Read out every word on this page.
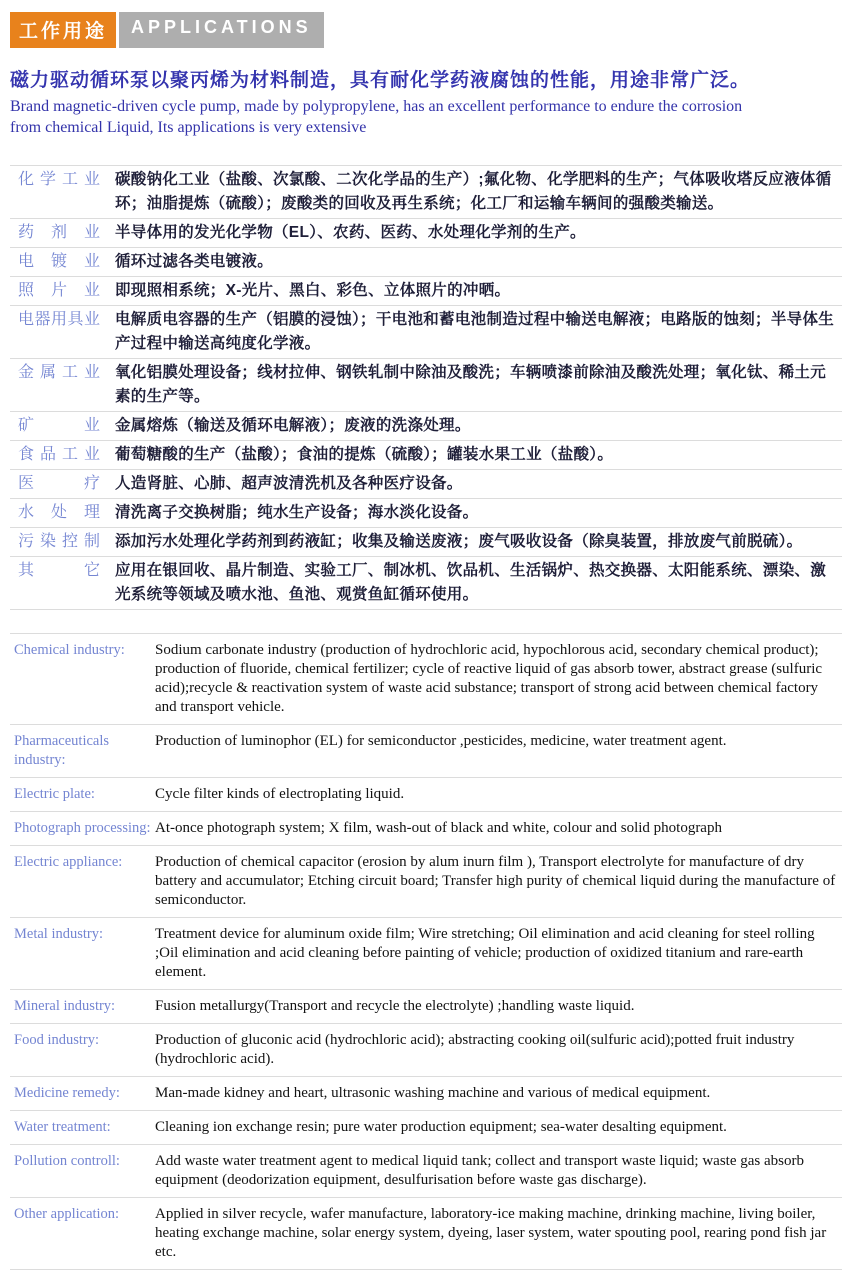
工作用途	APPLICATIONS
磁力驱动循环泵以聚丙烯为材料制造，具有耐化学药液腐蚀的性能，用途非常广泛。
Brand magnetic-driven cycle pump, made by polypropylene, has an excellent performance to endure the corrosion
from chemical Liquid, Its applications is very extensive
化学工业 碳酸钠化工业（盐酸、次氯酸、二次化学品的生产）;氟化物、化学肥料的生产；气体吸收塔反应液体循环；油脂提炼（硫酸）；废酸类的回收及再生系统；化工厂和运输车辆间的强酸类输送。
药剂业 半导体用的发光化学物（EL）、农药、医药、水处理化学剂的生产。
电镀业 循环过滤各类电镀液。
照片业 即现照相系统；X-光片、黑白、彩色、立体照片的冲晒。
电器用具业 电解质电容器的生产（铝膜的浸蚀）；干电池和蓄电池制造过程中输送电解液；电路版的蚀刻；半导体生产过程中输送高纯度化学液。
金属工业 氧化铝膜处理设备；线材拉伸、钢铁轧制中除油及酸洗；车辆喷漆前除油及酸洗处理；氧化钛、稀土元素的生产等。
矿业 金属熔炼（输送及循环电解液）；废液的洗涤处理。
食品工业 葡萄糖酸的生产（盐酸）；食油的提炼（硫酸）；罐装水果工业（盐酸）。
医疗 人造肾脏、心肺、超声波清洗机及各种医疗设备。
水处理 清洗离子交换树脂；纯水生产设备；海水淡化设备。
污染控制 添加污水处理化学药剂到药液缸；收集及输送废液；废气吸收设备（除臭装置，排放废气前脱硫）。
其它 应用在银回收、晶片制造、实验工厂、制冰机、饮品机、生活锅炉、热交换器、太阳能系统、漂染、激光系统等领域及喷水池、鱼池、观赏鱼缸循环使用。
Chemical industry:	Sodium carbonate industry (production of hydrochloric acid, hypochlorous acid, secondary chemical product); production of fluoride, chemical fertilizer; cycle of reactive liquid of gas absorb tower, abstract grease (sulfuric acid);recycle & reactivation system of waste acid substance; transport of strong acid between chemical factory and transport vehicle.
Pharmaceuticals industry:
Production of luminophor (EL) for semiconductor ,pesticides, medicine, water treatment agent.
Electric plate:	Cycle filter kinds of electroplating liquid.
Photograph processing: At-once photograph system; X film, wash-out of black and white, colour and solid photograph
Electric appliance:	Production of chemical capacitor (erosion by alum inurn film ), Transport electrolyte for manufacture of dry battery and accumulator; Etching circuit board; Transfer high purity of chemical liquid during the manufacture of semiconductor.
Metal industry:	Treatment device for aluminum oxide film; Wire stretching; Oil elimination and acid cleaning for steel rolling ;Oil elimination and acid cleaning before painting of vehicle; production of oxidized titanium and rare-earth element.
Mineral industry:	Fusion metallurgy(Transport and recycle the electrolyte) ;handling waste liquid.
Food industry:	Production of gluconic acid (hydrochloric acid); abstracting cooking oil(sulfuric acid);potted fruit industry (hydrochloric acid).
Medicine remedy:	Man-made kidney and heart, ultrasonic washing machine and various of medical equipment.
Water treatment:	Cleaning ion exchange resin; pure water production equipment; sea-water desalting equipment.
Pollution controll:	Add waste water treatment agent to medical liquid tank; collect and transport waste liquid; waste gas absorb equipment (deodorization equipment, desulfurisation before waste gas discharge).
Other application:	Applied in silver recycle, wafer manufacture, laboratory-ice making machine, drinking machine, living boiler, heating exchange machine, solar energy system, dyeing, laser system, water spouting pool, rearing pond fish jar etc.
